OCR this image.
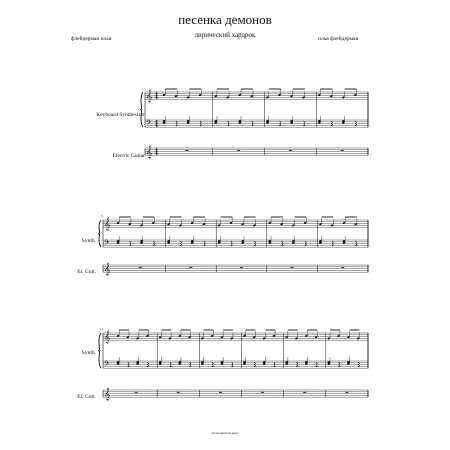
песенка демонов
лирический хардрок
флейдерман илья	илья флейдерман
Keyboard Synthesizer
Electric Guitar
Synth.
El. Guit.
Synth.
El. Guit.
𝄞
𝄢
𝄞
4
4
4
4
4
4
𝄞
𝄢
𝄞
𝄞
𝄢
𝄞
5
11
пользователь вера
